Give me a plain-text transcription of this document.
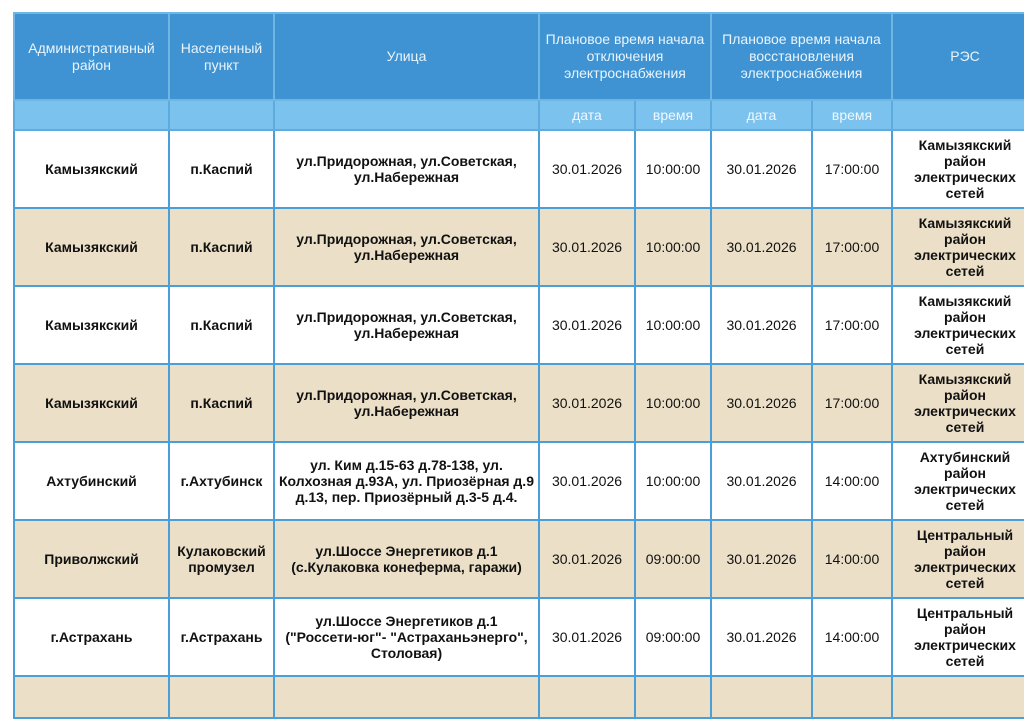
Административный район	Населенный пункт	Улица	Плановое время начала отключения электроснабжения		Плановое время начала восстановления электроснабжения		РЭС
			дата	время	дата	время	
Камызякский	п.Каспий	ул.Придорожная, ул.Советская, ул.Набережная	30.01.2026	10:00:00	30.01.2026	17:00:00	Камызякский район электрических сетей
Камызякский	п.Каспий	ул.Придорожная, ул.Советская, ул.Набережная	30.01.2026	10:00:00	30.01.2026	17:00:00	Камызякский район электрических сетей
Камызякский	п.Каспий	ул.Придорожная, ул.Советская, ул.Набережная	30.01.2026	10:00:00	30.01.2026	17:00:00	Камызякский район электрических сетей
Камызякский	п.Каспий	ул.Придорожная, ул.Советская, ул.Набережная	30.01.2026	10:00:00	30.01.2026	17:00:00	Камызякский район электрических сетей
Ахтубинский	г.Ахтубинск	ул. Ким д.15-63 д.78-138, ул. Колхозная д.93А, ул. Приозёрная д.9 д.13, пер. Приозёрный д.3-5 д.4.	30.01.2026	10:00:00	30.01.2026	14:00:00	Ахтубинский район электрических сетей
Приволжский	Кулаковский промузел	ул.Шоссе Энергетиков д.1 (с.Кулаковка конеферма, гаражи)	30.01.2026	09:00:00	30.01.2026	14:00:00	Центральный район электрических сетей
г.Астрахань	г.Астрахань	ул.Шоссе Энергетиков д.1 ("Россети-юг"- "Астраханьэнерго", Столовая)	30.01.2026	09:00:00	30.01.2026	14:00:00	Центральный район электрических сетей
